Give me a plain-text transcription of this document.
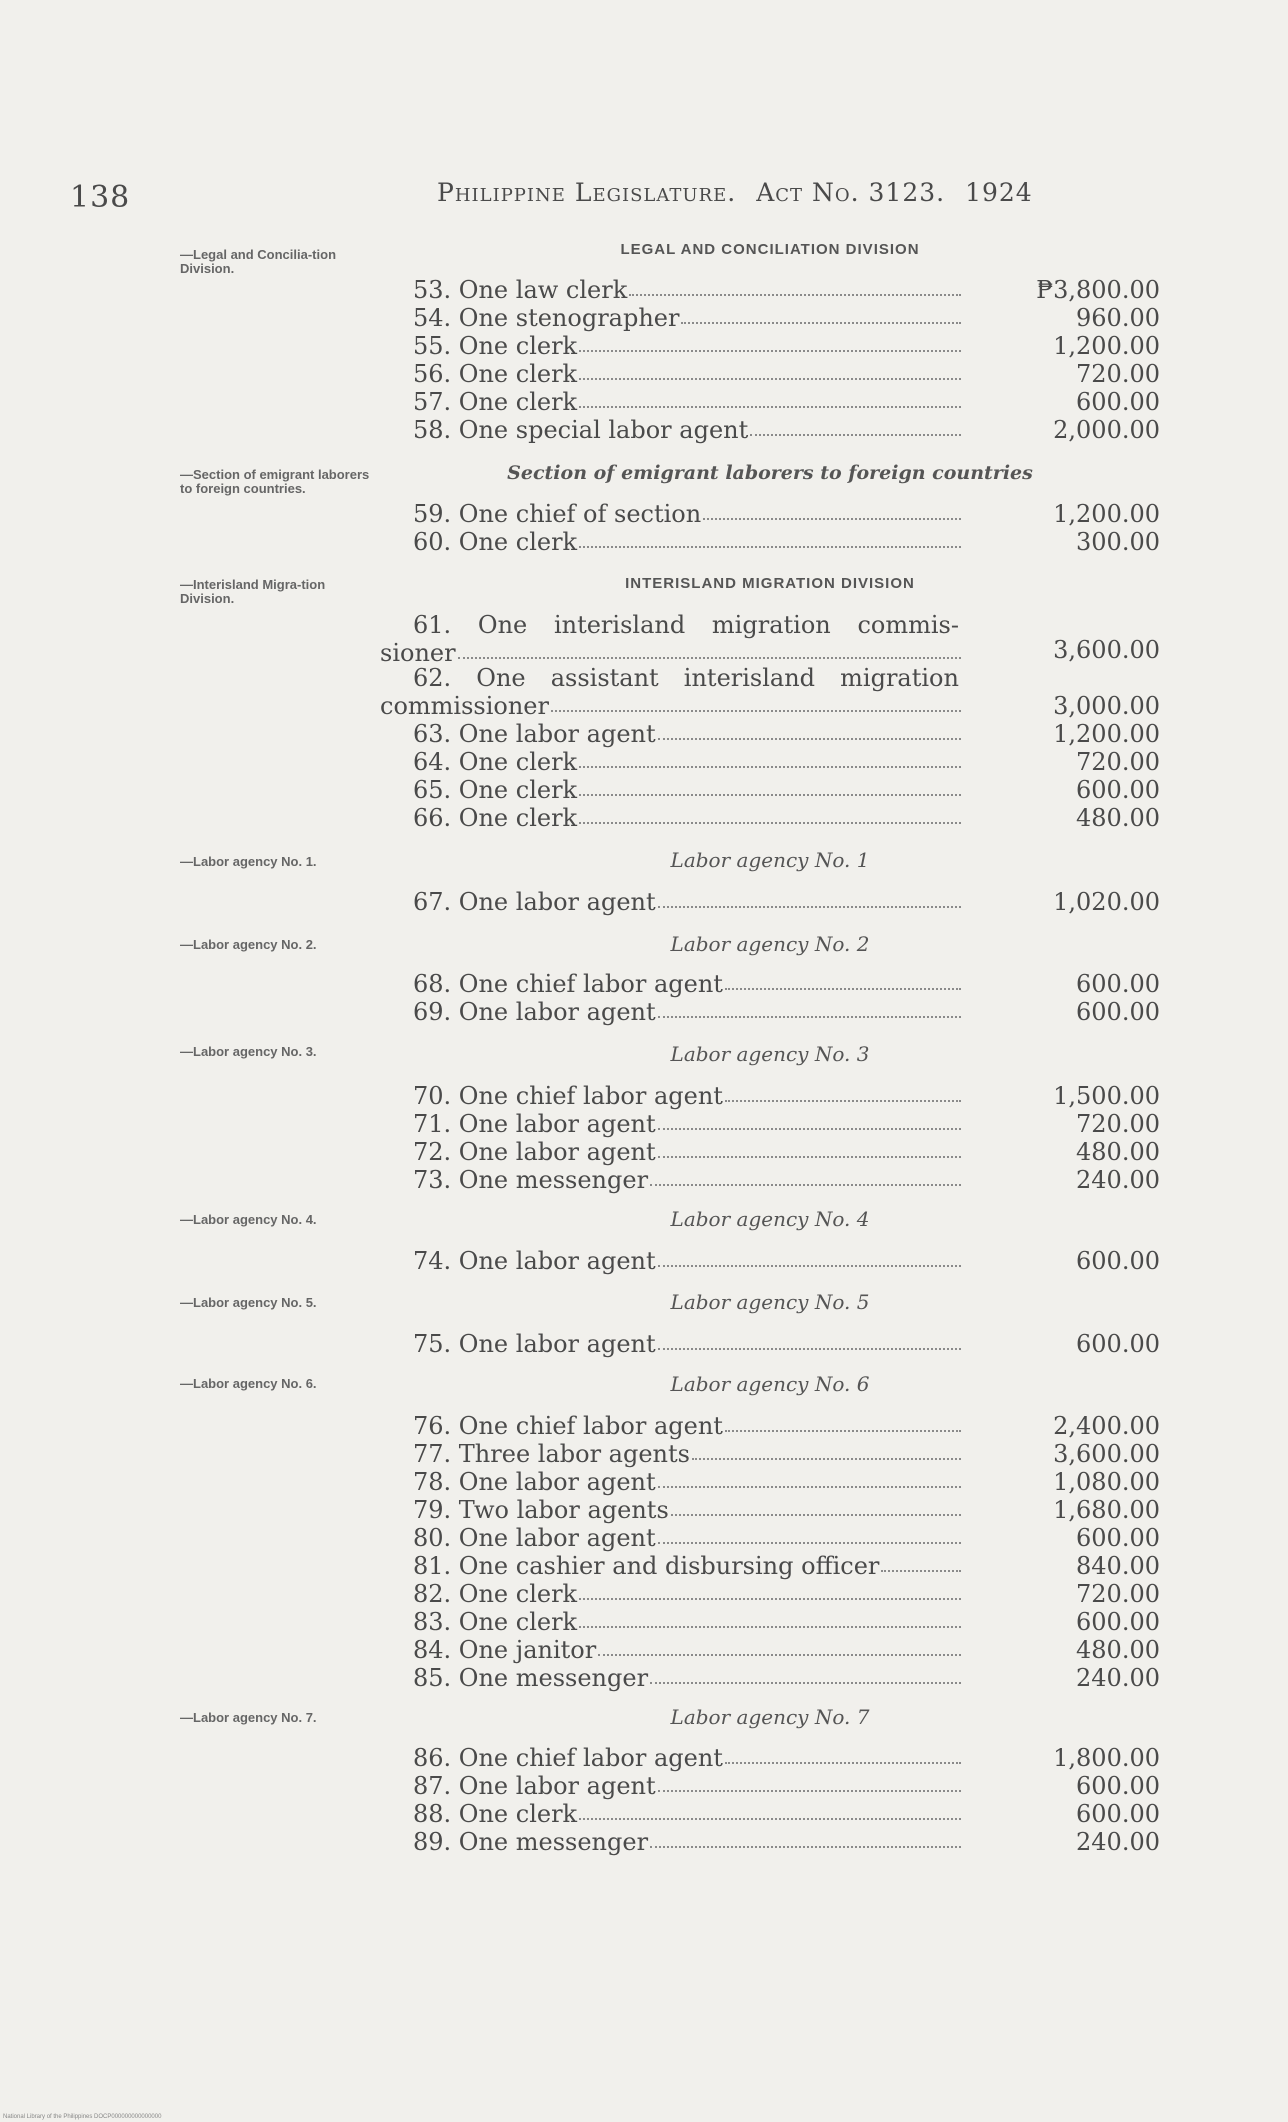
138	Philippine Legislature. Act No. 3123. 1924
—Legal and Concilia-tion Division.
—Section of emigrant laborers to foreign countries.
—Interisland Migra-tion Division.
—Labor agency No. 1.
—Labor agency No. 2.
—Labor agency No. 3.
—Labor agency No. 4.
—Labor agency No. 5.
—Labor agency No. 6.
—Labor agency No. 7.
LEGAL AND CONCILIATION DIVISION
Section of emigrant laborers to foreign countries
INTERISLAND MIGRATION DIVISION
Labor agency No. 1
Labor agency No. 2
Labor agency No. 3
Labor agency No. 4
Labor agency No. 5
Labor agency No. 6
Labor agency No. 7
53. One law clerk	₱3,800.00
54. One stenographer	960.00
55. One clerk	1,200.00
56. One clerk	720.00
57. One clerk	600.00
58. One special labor agent	2,000.00
59. One chief of section	1,200.00
60. One clerk	300.00
61. One interisland migration commis-
sioner	3,600.00
62. One assistant interisland migration
commissioner	3,000.00
63. One labor agent	1,200.00
64. One clerk	720.00
65. One clerk	600.00
66. One clerk	480.00
67. One labor agent	1,020.00
68. One chief labor agent	600.00
69. One labor agent	600.00
70. One chief labor agent	1,500.00
71. One labor agent	720.00
72. One labor agent	480.00
73. One messenger	240.00
74. One labor agent	600.00
75. One labor agent	600.00
76. One chief labor agent	2,400.00
77. Three labor agents	3,600.00
78. One labor agent	1,080.00
79. Two labor agents	1,680.00
80. One labor agent	600.00
81. One cashier and disbursing officer	840.00
82. One clerk	720.00
83. One clerk	600.00
84. One janitor	480.00
85. One messenger	240.00
86. One chief labor agent	1,800.00
87. One labor agent	600.00
88. One clerk	600.00
89. One messenger	240.00
National Library of the Philippines DOCP000000000000000
